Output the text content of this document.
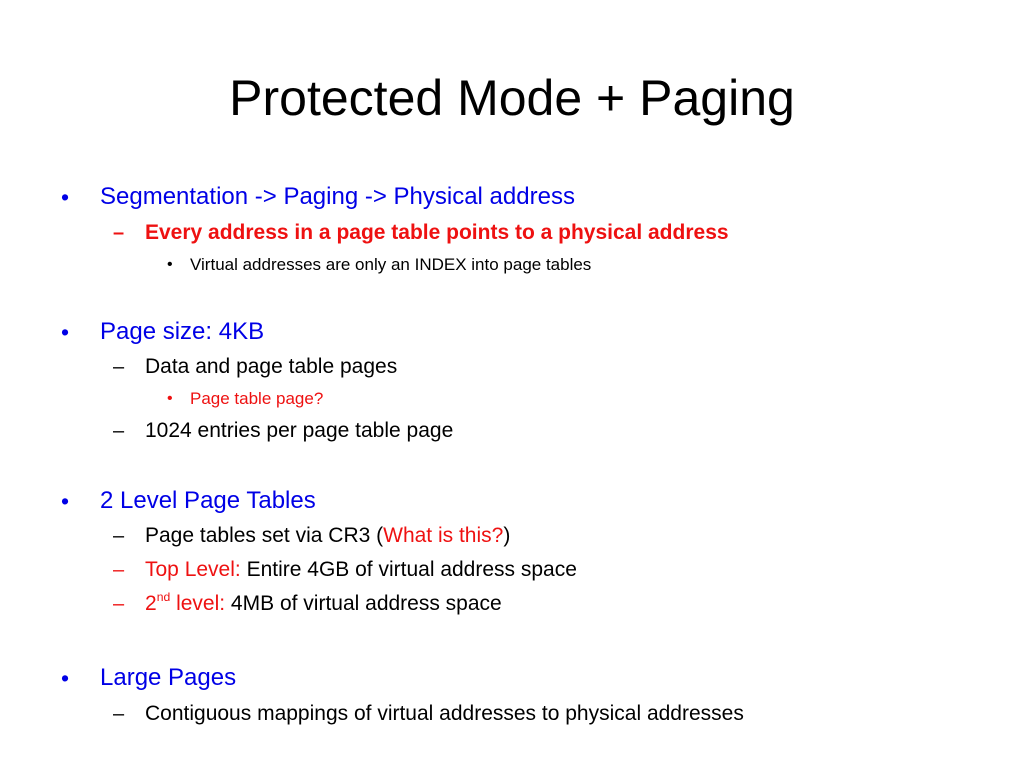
Protected Mode + Paging
• Segmentation -> Paging -> Physical address
– Every address in a page table points to a physical address
• Virtual addresses are only an INDEX into page tables
• Page size: 4KB
– Data and page table pages
• Page table page?
– 1024 entries per page table page
• 2 Level Page Tables
– Page tables set via CR3 (What is this?)
– Top Level: Entire 4GB of virtual address space
– 2nd level: 4MB of virtual address space
• Large Pages
– Contiguous mappings of virtual addresses to physical addresses
